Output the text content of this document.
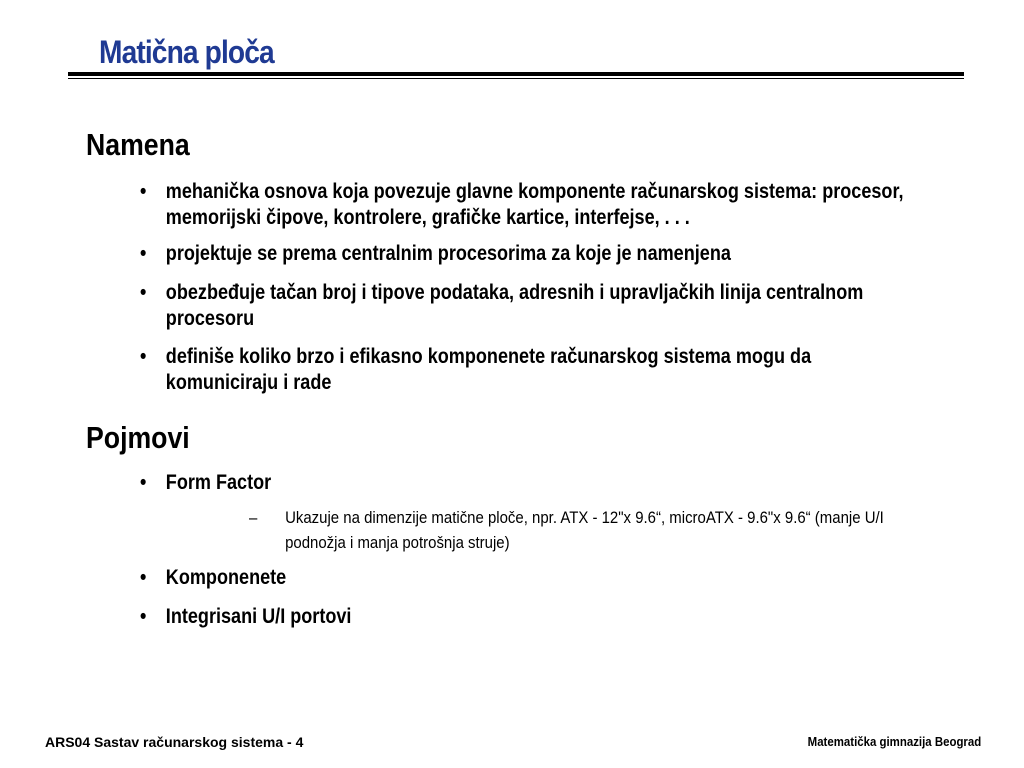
Matična ploča
Namena
• mehanička osnova koja povezuje glavne komponente računarskog sistema: procesor, memorijski čipove, kontrolere, grafičke kartice, interfejse, . . .
• projektuje se prema centralnim procesorima za koje je namenjena
• obezbeđuje tačan broj i tipove podataka, adresnih i upravljačkih linija centralnom procesoru
• definiše koliko brzo i efikasno komponenete računarskog sistema mogu da komuniciraju i rade
Pojmovi
• Form Factor
– Ukazuje na dimenzije matične ploče, npr. ATX - 12"x 9.6“, microATX - 9.6"x 9.6“ (manje U/I podnožja i manja potrošnja struje)
• Komponenete
• Integrisani U/I portovi
ARS04 Sastav računarskog sistema - 4	Matematička gimnazija Beograd
